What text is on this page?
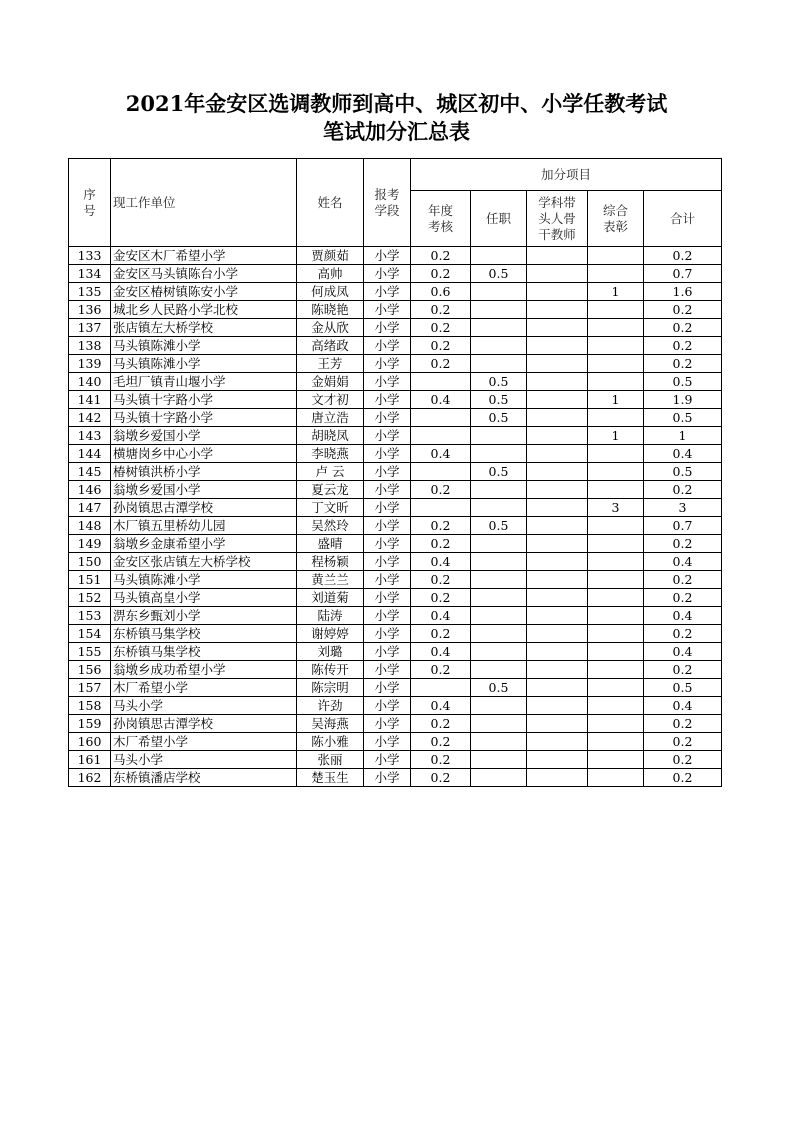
2021年金安区选调教师到高中、城区初中、小学任教考试
笔试加分汇总表
序号	现工作单位	姓名	报考学段	加分项目				
				年度考核	任职	学科带头人骨干教师	综合表彰	合计
133	金安区木厂希望小学	贾颜茹	小学	0.2				0.2
134	金安区马头镇陈台小学	高帅	小学	0.2	0.5			0.7
135	金安区椿树镇陈安小学	何成凤	小学	0.6			1	1.6
136	城北乡人民路小学北校	陈晓艳	小学	0.2				0.2
137	张店镇左大桥学校	金从欣	小学	0.2				0.2
138	马头镇陈滩小学	高绪政	小学	0.2				0.2
139	马头镇陈滩小学	王芳	小学	0.2				0.2
140	毛坦厂镇青山堰小学	金娟娟	小学		0.5			0.5
141	马头镇十字路小学	文才初	小学	0.4	0.5		1	1.9
142	马头镇十字路小学	唐立浩	小学		0.5			0.5
143	翁墩乡爱国小学	胡晓凤	小学				1	1
144	横塘岗乡中心小学	李晓燕	小学	0.4				0.4
145	椿树镇洪桥小学	卢 云	小学		0.5			0.5
146	翁墩乡爱国小学	夏云龙	小学	0.2				0.2
147	孙岗镇思古潭学校	丁文昕	小学				3	3
148	木厂镇五里桥幼儿园	吴然玲	小学	0.2	0.5			0.7
149	翁墩乡金康希望小学	盛晴	小学	0.2				0.2
150	金安区张店镇左大桥学校	程杨颖	小学	0.4				0.4
151	马头镇陈滩小学	黄兰兰	小学	0.2				0.2
152	马头镇高皇小学	刘道菊	小学	0.2				0.2
153	淠东乡甄刘小学	陆涛	小学	0.4				0.4
154	东桥镇马集学校	谢婷婷	小学	0.2				0.2
155	东桥镇马集学校	刘璐	小学	0.4				0.4
156	翁墩乡成功希望小学	陈传开	小学	0.2				0.2
157	木厂希望小学	陈宗明	小学		0.5			0.5
158	马头小学	许劲	小学	0.4				0.4
159	孙岗镇思古潭学校	吴海燕	小学	0.2				0.2
160	木厂希望小学	陈小雅	小学	0.2				0.2
161	马头小学	张丽	小学	0.2				0.2
162	东桥镇潘店学校	楚玉生	小学	0.2				0.2
